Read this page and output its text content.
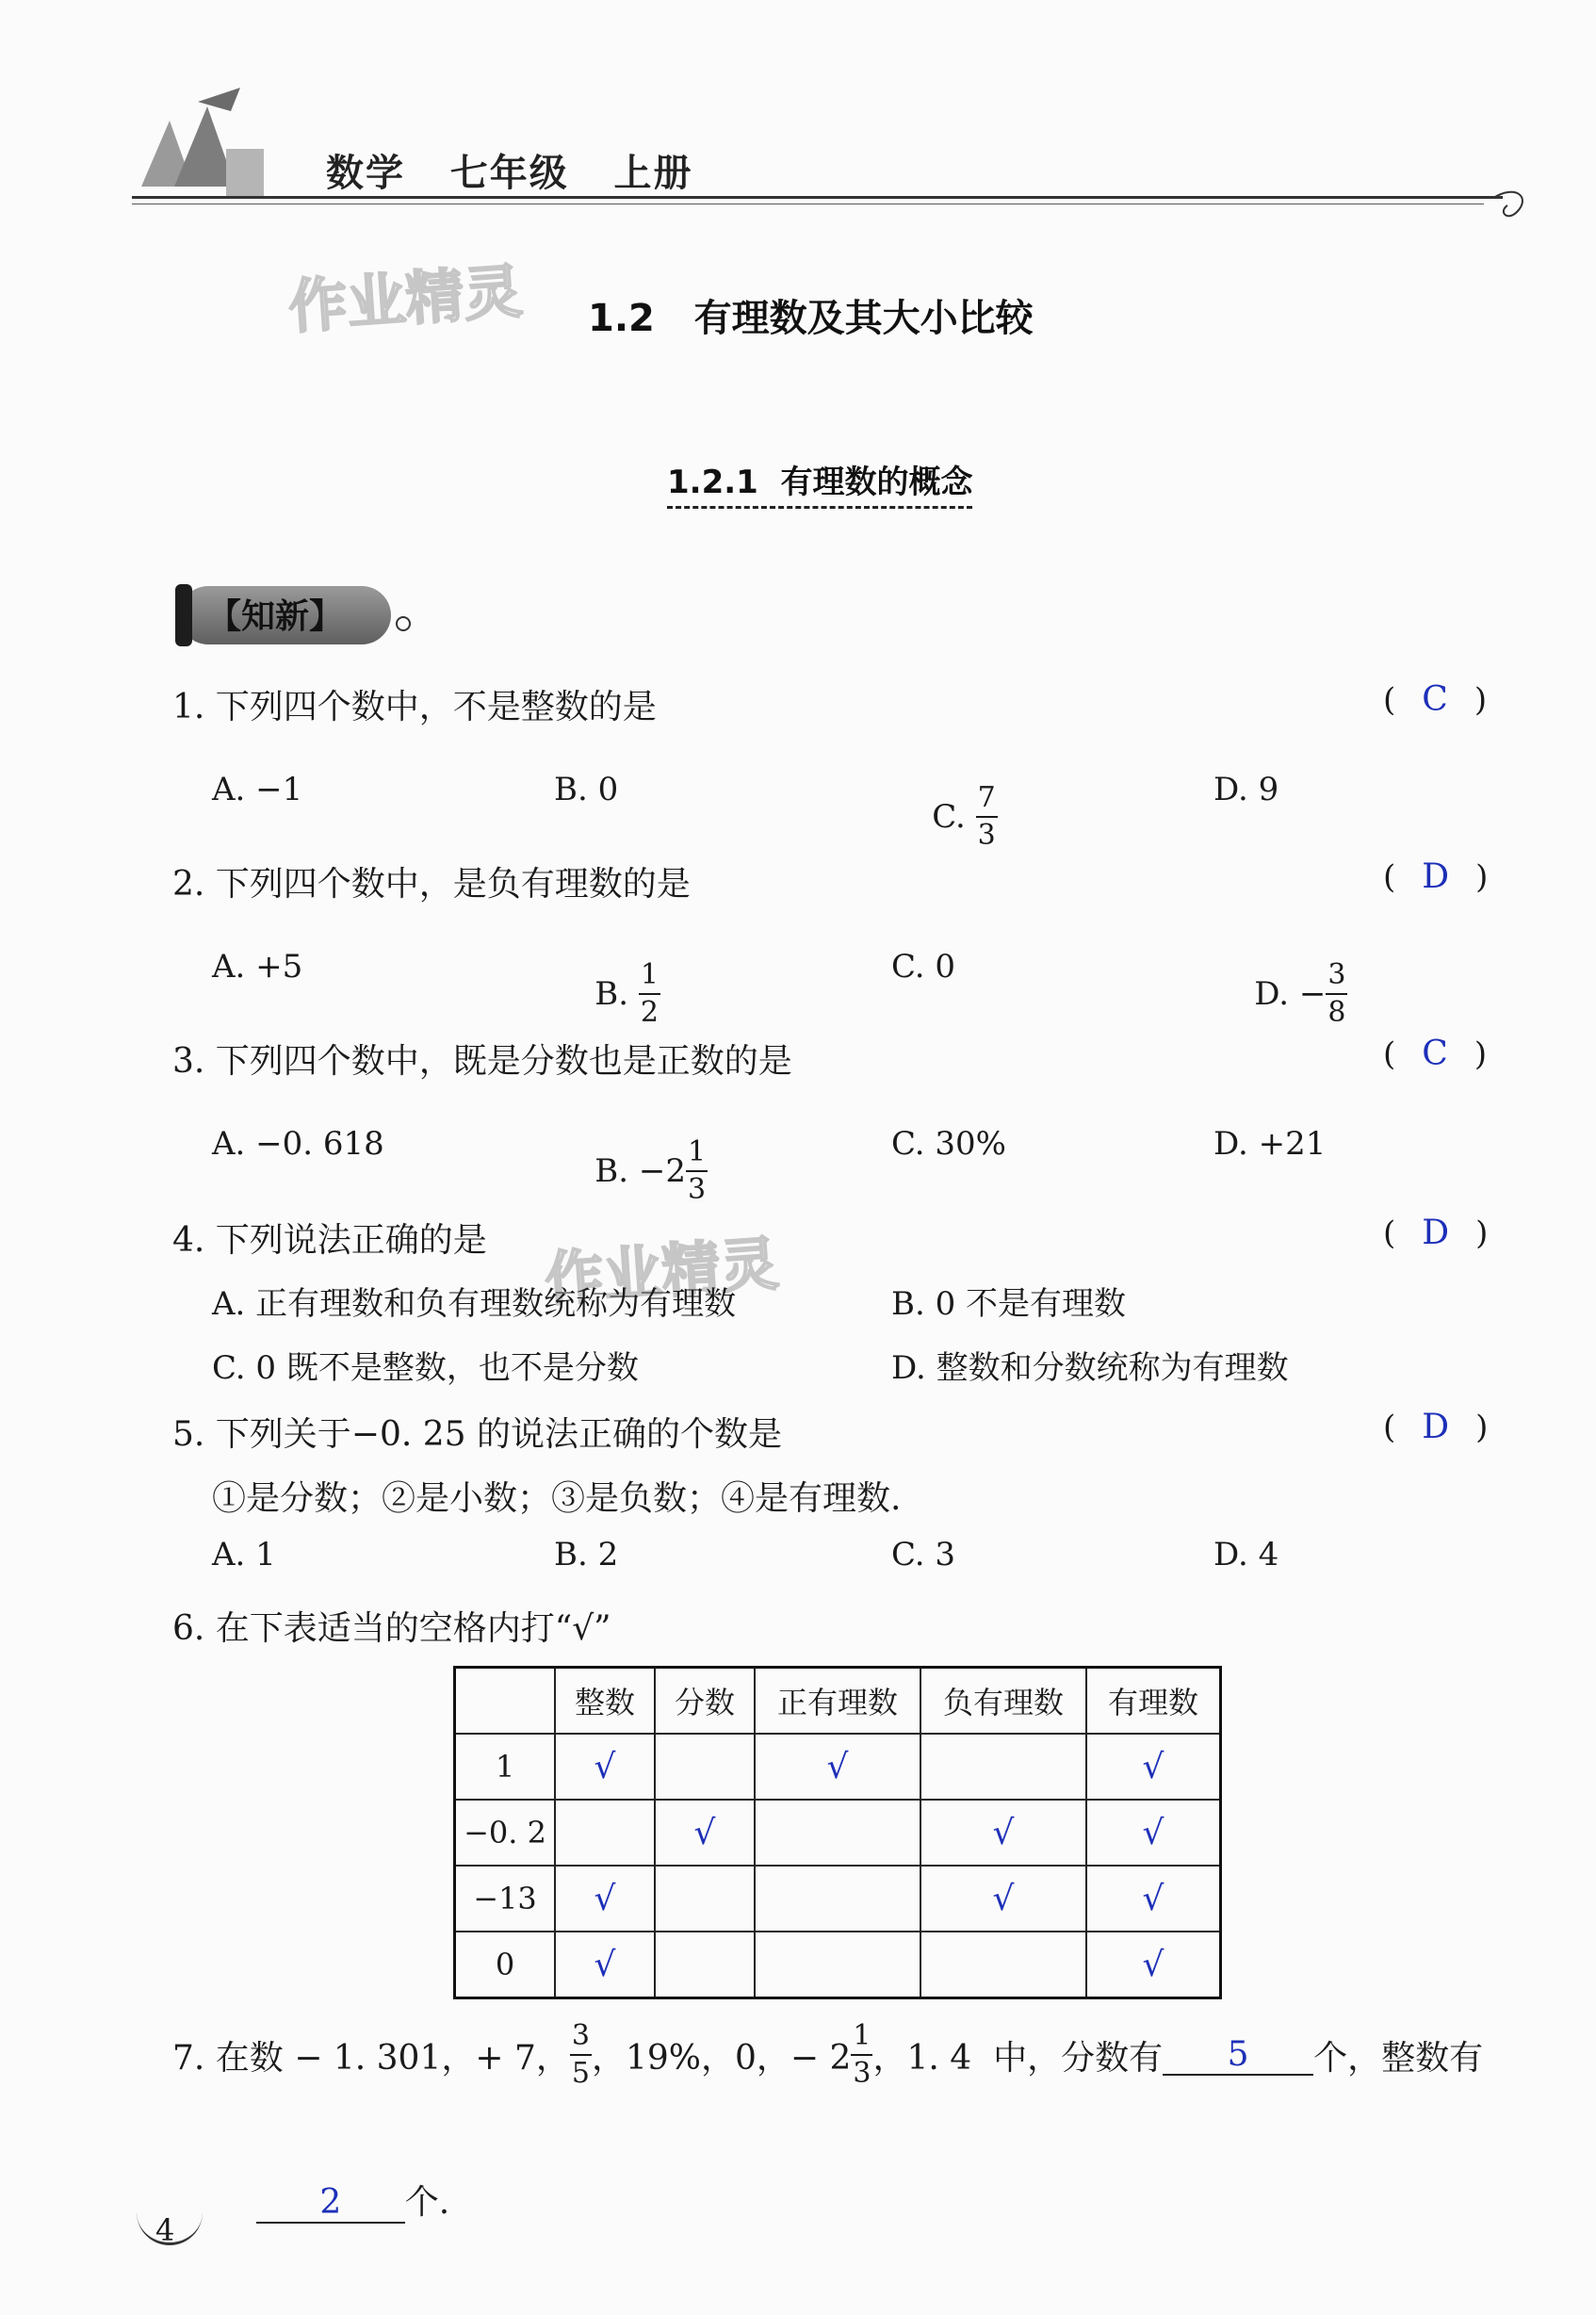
数学   七年级   上册
作业精灵
作业精灵
1.2   有理数及其大小比较
1.2.1  有理数的概念
【知新】
1. 下列四个数中，不是整数的是	( C )
A. −1	B. 0

C. $\frac{7}{3}$

	D. 9
2. 下列四个数中，是负有理数的是	( D )
A. +5

B. $\frac{1}{2}$

	C. 0

D. − $\frac{3}{8}$

3. 下列四个数中，既是分数也是正数的是	( C )
A. −0. 618

B. $-2 \frac{1}{3}$

	C. 30%	D. +21
4. 下列说法正确的是	( D )
A. 正有理数和负有理数统称为有理数	B. 0 不是有理数
C. 0 既不是整数，也不是分数	D. 整数和分数统称为有理数
5. 下列关于−0. 25 的说法正确的个数是	( D )
①是分数；②是小数；③是负数；④是有理数.
A. 1	B. 2	C. 3	D. 4
6. 在下表适当的空格内打“√”
	整数	分数	正有理数	负有理数	有理数
1	√		√		√
−0. 2		√		√	√
−13	√			√	√
0	√				√
7. 在数 − 1. 301，+ 7， $\frac{3}{5}$ ，19%，0，− $2 \frac{1}{3}$ ，1. 4  中，分数有	5	个，整数有

2 个.

4
